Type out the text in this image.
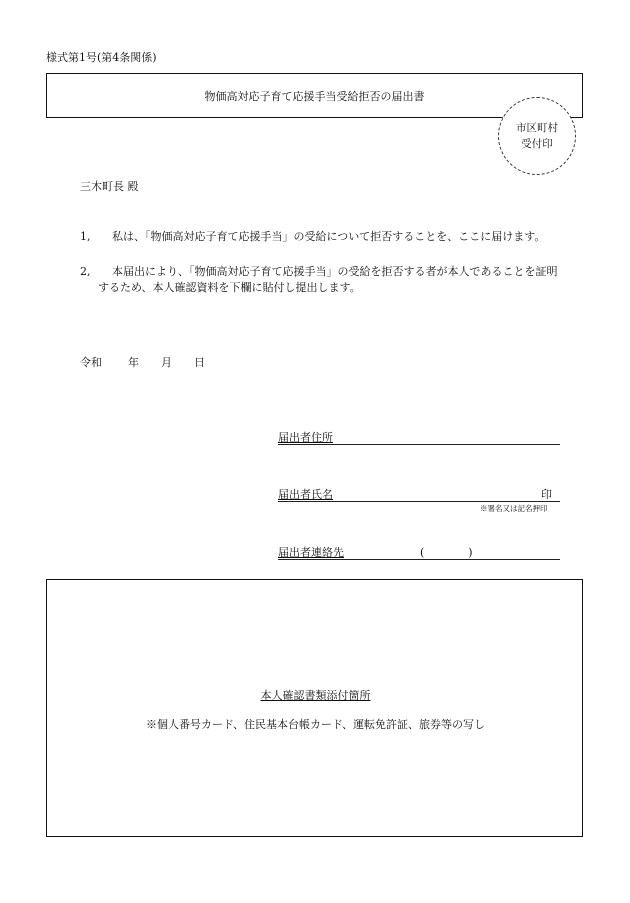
様式第1号(第4条関係)
物価高対応子育て応援手当受給拒否の届出書
市区町村
受付印
三木町長 殿
1,	私は、「物価高対応子育て応援手当」の受給について拒否することを、ここに届けます。
2,	本届出により、「物価高対応子育て応援手当」の受給を拒否する者が本人であることを証明するため、本人確認資料を下欄に貼付し提出します。
令和 年 月 日
届出者住所
届出者氏名	印
※署名又は記名押印
届出者連絡先	(　　　　)
本人確認書類添付箇所
※個人番号カード、住民基本台帳カード、運転免許証、旅券等の写し
